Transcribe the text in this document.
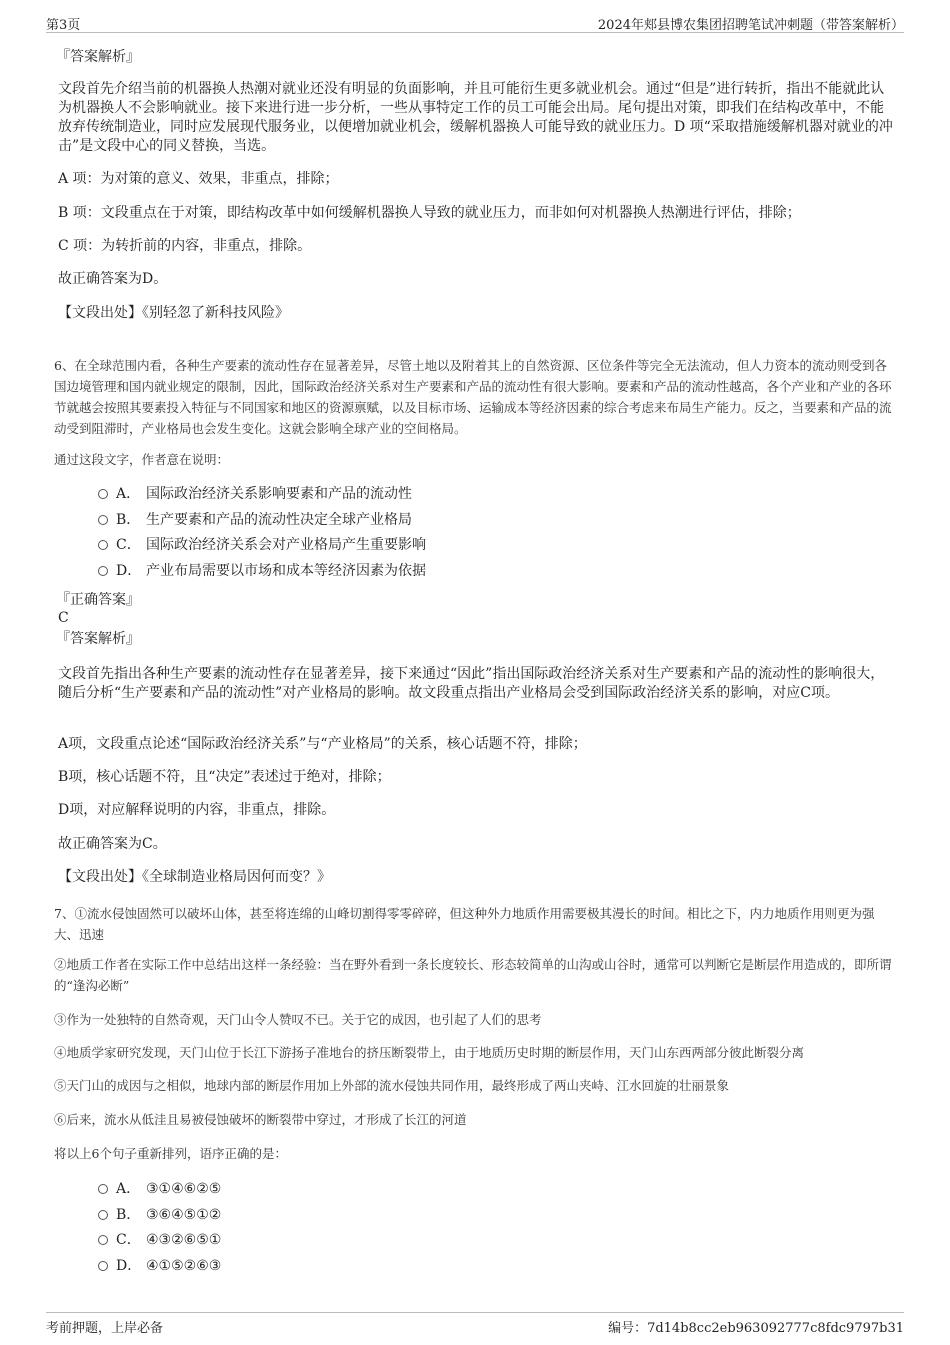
第3页	2024年郏县博农集团招聘笔试冲刺题（带答案解析）
『答案解析』
文段首先介绍当前的机器换人热潮对就业还没有明显的负面影响，并且可能衍生更多就业机会。通过“但是”进行转折，指出不能就此认为机器换人不会影响就业。接下来进行进一步分析，一些从事特定工作的员工可能会出局。尾句提出对策，即我们在结构改革中，不能放弃传统制造业，同时应发展现代服务业，以便增加就业机会，缓解机器换人可能导致的就业压力。D 项“采取措施缓解机器对就业的冲击”是文段中心的同义替换，当选。
A 项：为对策的意义、效果，非重点，排除；
B 项：文段重点在于对策，即结构改革中如何缓解机器换人导致的就业压力，而非如何对机器换人热潮进行评估，排除；
C 项：为转折前的内容，非重点，排除。
故正确答案为D。
【文段出处】《别轻忽了新科技风险》
6、在全球范围内看，各种生产要素的流动性存在显著差异，尽管土地以及附着其上的自然资源、区位条件等完全无法流动，但人力资本的流动则受到各国边境管理和国内就业规定的限制，因此，国际政治经济关系对生产要素和产品的流动性有很大影响。要素和产品的流动性越高，各个产业和产业的各环节就越会按照其要素投入特征与不同国家和地区的资源禀赋，以及目标市场、运输成本等经济因素的综合考虑来布局生产能力。反之，当要素和产品的流动受到阻滞时，产业格局也会发生变化。这就会影响全球产业的空间格局。
通过这段文字，作者意在说明：
A． 国际政治经济关系影响要素和产品的流动性
B． 生产要素和产品的流动性决定全球产业格局
C． 国际政治经济关系会对产业格局产生重要影响
D． 产业布局需要以市场和成本等经济因素为依据
『正确答案』
C
『答案解析』
文段首先指出各种生产要素的流动性存在显著差异，接下来通过“因此”指出国际政治经济关系对生产要素和产品的流动性的影响很大，随后分析“生产要素和产品的流动性”对产业格局的影响。故文段重点指出产业格局会受到国际政治经济关系的影响，对应C项。
A项，文段重点论述“国际政治经济关系”与“产业格局”的关系，核心话题不符，排除；
B项，核心话题不符，且“决定”表述过于绝对，排除；
D项，对应解释说明的内容，非重点，排除。
故正确答案为C。
【文段出处】《全球制造业格局因何而变？》
7、①流水侵蚀固然可以破坏山体，甚至将连绵的山峰切割得零零碎碎，但这种外力地质作用需要极其漫长的时间。相比之下，内力地质作用则更为强大、迅速
②地质工作者在实际工作中总结出这样一条经验：当在野外看到一条长度较长、形态较简单的山沟或山谷时，通常可以判断它是断层作用造成的，即所谓的“逢沟必断”
③作为一处独特的自然奇观，天门山令人赞叹不已。关于它的成因，也引起了人们的思考
④地质学家研究发现，天门山位于长江下游扬子准地台的挤压断裂带上，由于地质历史时期的断层作用，天门山东西两部分彼此断裂分离
⑤天门山的成因与之相似，地球内部的断层作用加上外部的流水侵蚀共同作用，最终形成了两山夹峙、江水回旋的壮丽景象
⑥后来，流水从低洼且易被侵蚀破坏的断裂带中穿过，才形成了长江的河道
将以上6个句子重新排列，语序正确的是：
A． ③①④⑥②⑤
B． ③⑥④⑤①②
C． ④③②⑥⑤①
D． ④①⑤②⑥③
考前押题，上岸必备	编号：7d14b8cc2eb963092777c8fdc9797b31
